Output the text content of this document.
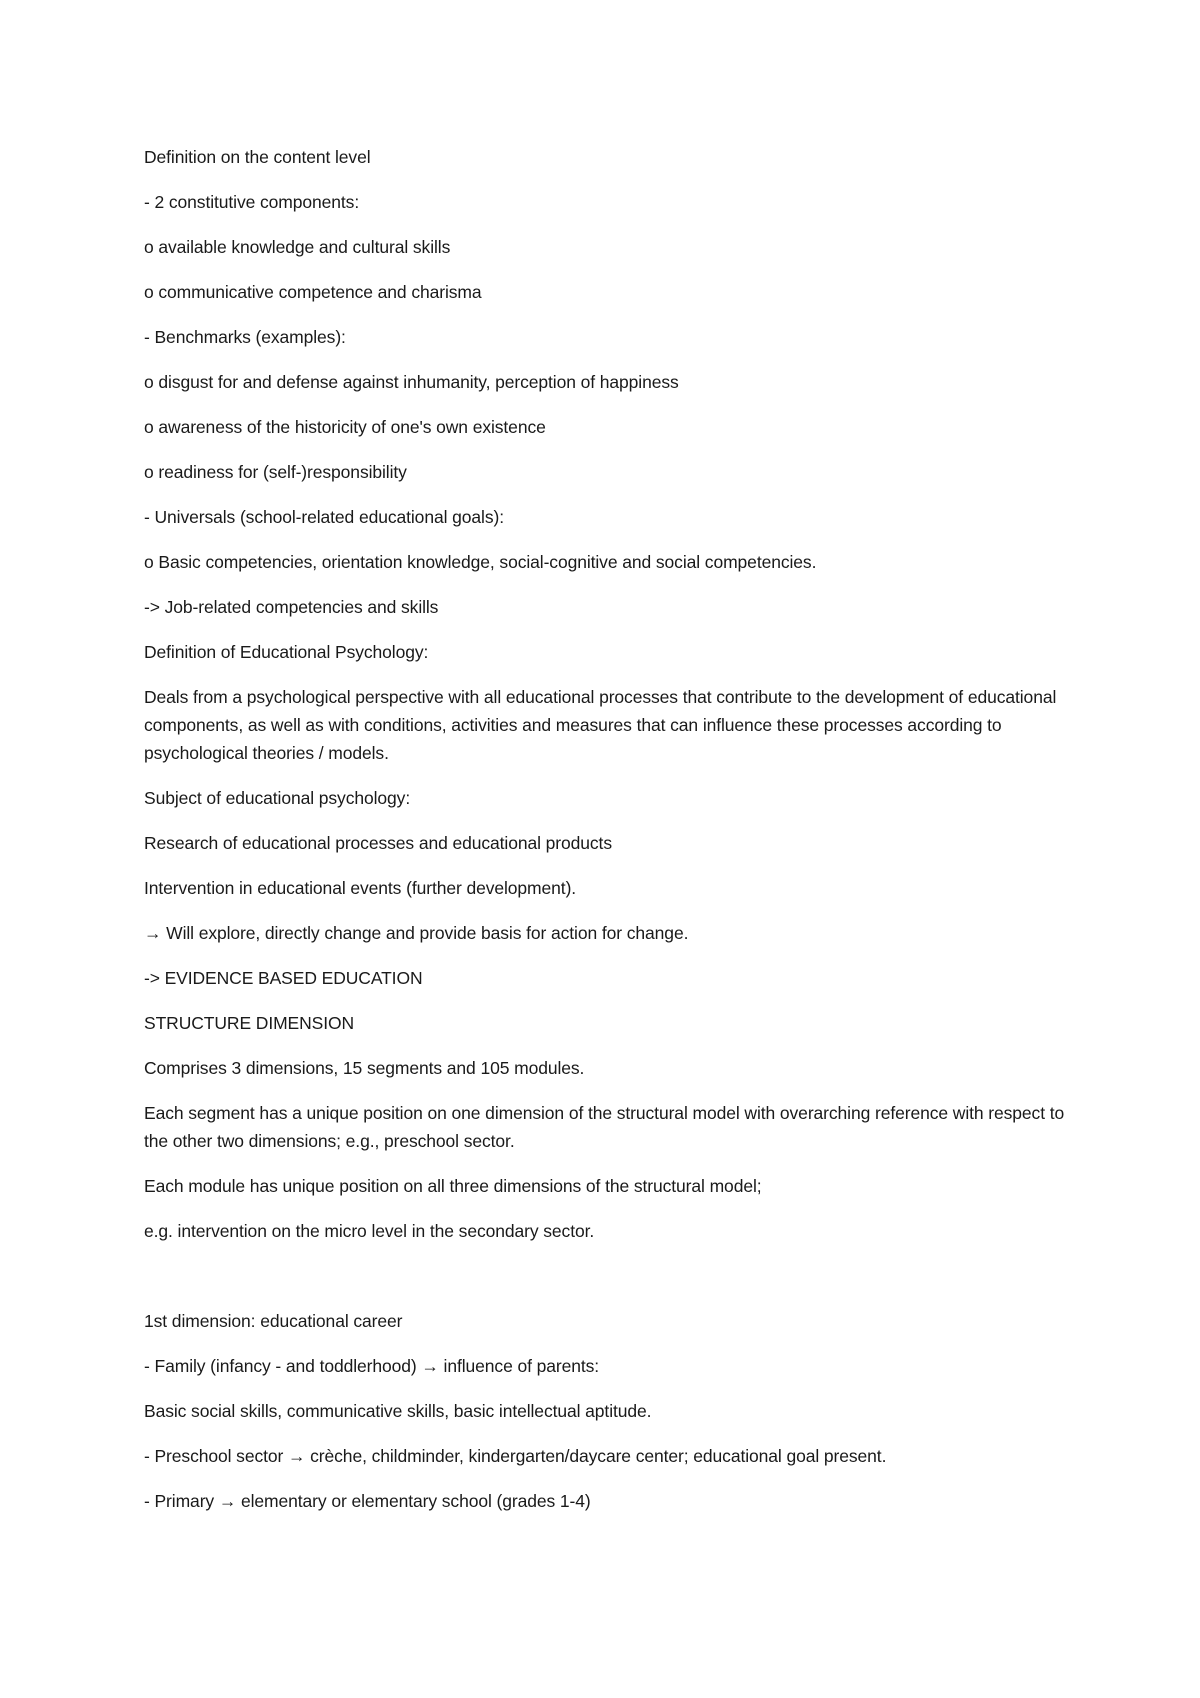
Definition on the content level

- 2 constitutive components:

o available knowledge and cultural skills

o communicative competence and charisma

- Benchmarks (examples):

o disgust for and defense against inhumanity, perception of happiness

o awareness of the historicity of one's own existence

o readiness for (self-)responsibility

- Universals (school-related educational goals):

o Basic competencies, orientation knowledge, social-cognitive and social competencies.

-> Job-related competencies and skills

Definition of Educational Psychology:

Deals from a psychological perspective with all educational processes that contribute to the development of educational components, as well as with conditions, activities and measures that can influence these processes according to psychological theories / models.

Subject of educational psychology:

Research of educational processes and educational products

Intervention in educational events (further development).

→ Will explore, directly change and provide basis for action for change.

-> EVIDENCE BASED EDUCATION

STRUCTURE DIMENSION

Comprises 3 dimensions, 15 segments and 105 modules.

Each segment has a unique position on one dimension of the structural model with overarching reference with respect to the other two dimensions; e.g., preschool sector.

Each module has unique position on all three dimensions of the structural model;

e.g. intervention on the micro level in the secondary sector.

1st dimension: educational career

- Family (infancy - and toddlerhood) → influence of parents:

Basic social skills, communicative skills, basic intellectual aptitude.

- Preschool sector → crèche, childminder, kindergarten/daycare center; educational goal present.

- Primary → elementary or elementary school (grades 1-4)
